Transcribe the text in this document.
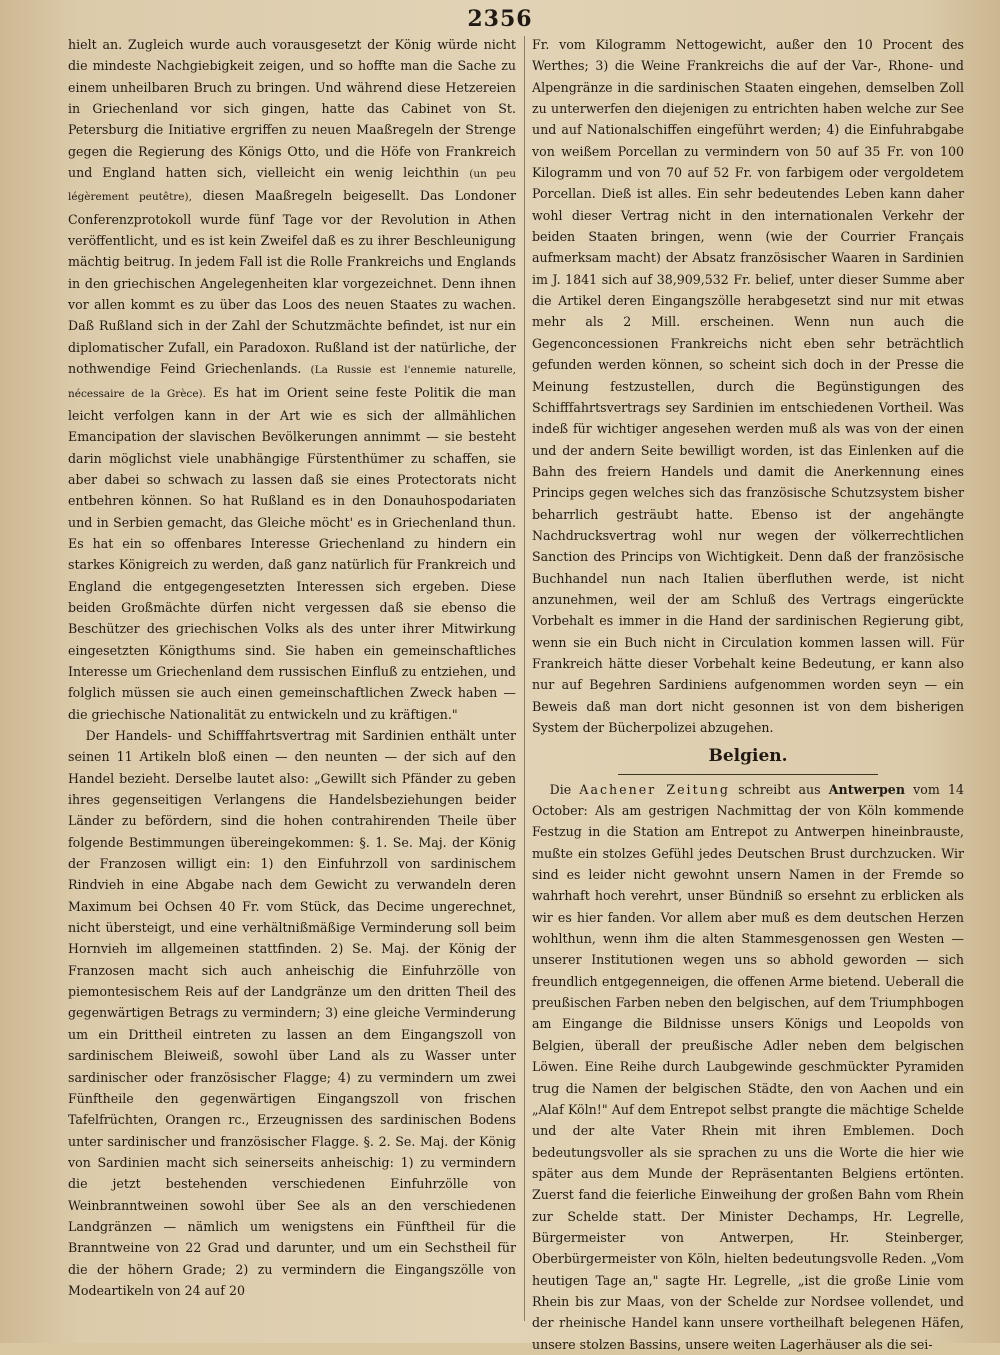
2356

hielt an. Zugleich wurde auch vorausgesetzt der König würde nicht die mindeste Nachgiebigkeit zeigen, und so hoffte man die Sache zu einem unheilbaren Bruch zu bringen. Und während diese Hetzereien in Griechenland vor sich gingen, hatte das Cabinet von St. Petersburg die Initiative ergriffen zu neuen Maaßregeln der Strenge gegen die Regierung des Königs Otto, und die Höfe von Frankreich und England hatten sich, vielleicht ein wenig leichthin (un peu légèrement peutêtre), diesen Maaßregeln beigesellt. Das Londoner Conferenzprotokoll wurde fünf Tage vor der Revolution in Athen veröffentlicht, und es ist kein Zweifel daß es zu ihrer Beschleunigung mächtig beitrug. In jedem Fall ist die Rolle Frankreichs und Englands in den griechischen Angelegenheiten klar vorgezeichnet. Denn ihnen vor allen kommt es zu über das Loos des neuen Staates zu wachen. Daß Rußland sich in der Zahl der Schutzmächte befindet, ist nur ein diplomatischer Zufall, ein Paradoxon. Rußland ist der natürliche, der nothwendige Feind Griechenlands. (La Russie est l'ennemie naturelle, nécessaire de la Grèce). Es hat im Orient seine feste Politik die man leicht verfolgen kann in der Art wie es sich der allmählichen Emancipation der slavischen Bevölkerungen annimmt — sie besteht darin möglichst viele unabhängige Fürstenthümer zu schaffen, sie aber dabei so schwach zu lassen daß sie eines Protectorats nicht entbehren können. So hat Rußland es in den Donauhospodariaten und in Serbien gemacht, das Gleiche möcht' es in Griechenland thun. Es hat ein so offenbares Interesse Griechenland zu hindern ein starkes Königreich zu werden, daß ganz natürlich für Frankreich und England die entgegengesetzten Interessen sich ergeben. Diese beiden Großmächte dürfen nicht vergessen daß sie ebenso die Beschützer des griechischen Volks als des unter ihrer Mitwirkung eingesetzten Königthums sind. Sie haben ein gemeinschaftliches Interesse um Griechenland dem russischen Einfluß zu entziehen, und folglich müssen sie auch einen gemeinschaftlichen Zweck haben — die griechische Nationalität zu entwickeln und zu kräftigen."

Der Handels- und Schifffahrtsvertrag mit Sardinien enthält unter seinen 11 Artikeln bloß einen — den neunten — der sich auf den Handel bezieht. Derselbe lautet also: „Gewillt sich Pfänder zu geben ihres gegenseitigen Verlangens die Handelsbeziehungen beider Länder zu befördern, sind die hohen contrahirenden Theile über folgende Bestimmungen übereingekommen: §. 1. Se. Maj. der König der Franzosen willigt ein: 1) den Einfuhrzoll von sardinischem Rindvieh in eine Abgabe nach dem Gewicht zu verwandeln deren Maximum bei Ochsen 40 Fr. vom Stück, das Decime ungerechnet, nicht übersteigt, und eine verhältnißmäßige Verminderung soll beim Hornvieh im allgemeinen stattfinden. 2) Se. Maj. der König der Franzosen macht sich auch anheischig die Einfuhrzölle von piemontesischem Reis auf der Landgränze um den dritten Theil des gegenwärtigen Betrags zu vermindern; 3) eine gleiche Verminderung um ein Drittheil eintreten zu lassen an dem Eingangszoll von sardinischem Bleiweiß, sowohl über Land als zu Wasser unter sardinischer oder französischer Flagge; 4) zu vermindern um zwei Fünftheile den gegenwärtigen Eingangszoll von frischen Tafelfrüchten, Orangen rc., Erzeugnissen des sardinischen Bodens unter sardinischer und französischer Flagge. §. 2. Se. Maj. der König von Sardinien macht sich seinerseits anheischig: 1) zu vermindern die jetzt bestehenden verschiedenen Einfuhrzölle von Weinbranntweinen sowohl über See als an den verschiedenen Landgränzen — nämlich um wenigstens ein Fünftheil für die Branntweine von 22 Grad und darunter, und um ein Sechstheil für die der höhern Grade; 2) zu vermindern die Eingangszölle von Modeartikeln von 24 auf 20

Fr. vom Kilogramm Nettogewicht, außer den 10 Procent des Werthes; 3) die Weine Frankreichs die auf der Var-, Rhone- und Alpengränze in die sardinischen Staaten eingehen, demselben Zoll zu unterwerfen den diejenigen zu entrichten haben welche zur See und auf Nationalschiffen eingeführt werden; 4) die Einfuhrabgabe von weißem Porcellan zu vermindern von 50 auf 35 Fr. von 100 Kilogramm und von 70 auf 52 Fr. von farbigem oder vergoldetem Porcellan. Dieß ist alles. Ein sehr bedeutendes Leben kann daher wohl dieser Vertrag nicht in den internationalen Verkehr der beiden Staaten bringen, wenn (wie der Courrier Français aufmerksam macht) der Absatz französischer Waaren in Sardinien im J. 1841 sich auf 38,909,532 Fr. belief, unter dieser Summe aber die Artikel deren Eingangszölle herabgesetzt sind nur mit etwas mehr als 2 Mill. erscheinen. Wenn nun auch die Gegenconcessionen Frankreichs nicht eben sehr beträchtlich gefunden werden können, so scheint sich doch in der Presse die Meinung festzustellen, durch die Begünstigungen des Schifffahrtsvertrags sey Sardinien im entschiedenen Vortheil. Was indeß für wichtiger angesehen werden muß als was von der einen und der andern Seite bewilligt worden, ist das Einlenken auf die Bahn des freiern Handels und damit die Anerkennung eines Princips gegen welches sich das französische Schutzsystem bisher beharrlich gesträubt hatte. Ebenso ist der angehängte Nachdrucksvertrag wohl nur wegen der völkerrechtlichen Sanction des Princips von Wichtigkeit. Denn daß der französische Buchhandel nun nach Italien überfluthen werde, ist nicht anzunehmen, weil der am Schluß des Vertrags eingerückte Vorbehalt es immer in die Hand der sardinischen Regierung gibt, wenn sie ein Buch nicht in Circulation kommen lassen will. Für Frankreich hätte dieser Vorbehalt keine Bedeutung, er kann also nur auf Begehren Sardiniens aufgenommen worden seyn — ein Beweis daß man dort nicht gesonnen ist von dem bisherigen System der Bücherpolizei abzugehen.

Belgien.

Die Aachener Zeitung schreibt aus Antwerpen vom 14 October: Als am gestrigen Nachmittag der von Köln kommende Festzug in die Station am Entrepot zu Antwerpen hineinbrauste, mußte ein stolzes Gefühl jedes Deutschen Brust durchzucken. Wir sind es leider nicht gewohnt unsern Namen in der Fremde so wahrhaft hoch verehrt, unser Bündniß so ersehnt zu erblicken als wir es hier fanden. Vor allem aber muß es dem deutschen Herzen wohlthun, wenn ihm die alten Stammesgenossen gen Westen — unserer Institutionen wegen uns so abhold geworden — sich freundlich entgegenneigen, die offenen Arme bietend. Ueberall die preußischen Farben neben den belgischen, auf dem Triumphbogen am Eingange die Bildnisse unsers Königs und Leopolds von Belgien, überall der preußische Adler neben dem belgischen Löwen. Eine Reihe durch Laubgewinde geschmückter Pyramiden trug die Namen der belgischen Städte, den von Aachen und ein „Alaf Köln!" Auf dem Entrepot selbst prangte die mächtige Schelde und der alte Vater Rhein mit ihren Emblemen. Doch bedeutungsvoller als sie sprachen zu uns die Worte die hier wie später aus dem Munde der Repräsentanten Belgiens ertönten. Zuerst fand die feierliche Einweihung der großen Bahn vom Rhein zur Schelde statt. Der Minister Dechamps, Hr. Legrelle, Bürgermeister von Antwerpen, Hr. Steinberger, Oberbürgermeister von Köln, hielten bedeutungsvolle Reden. „Vom heutigen Tage an," sagte Hr. Legrelle, „ist die große Linie vom Rhein bis zur Maas, von der Schelde zur Nordsee vollendet, und der rheinische Handel kann unsere vortheilhaft belegenen Häfen, unsere stolzen Bassins, unsere weiten Lagerhäuser als die sei-
